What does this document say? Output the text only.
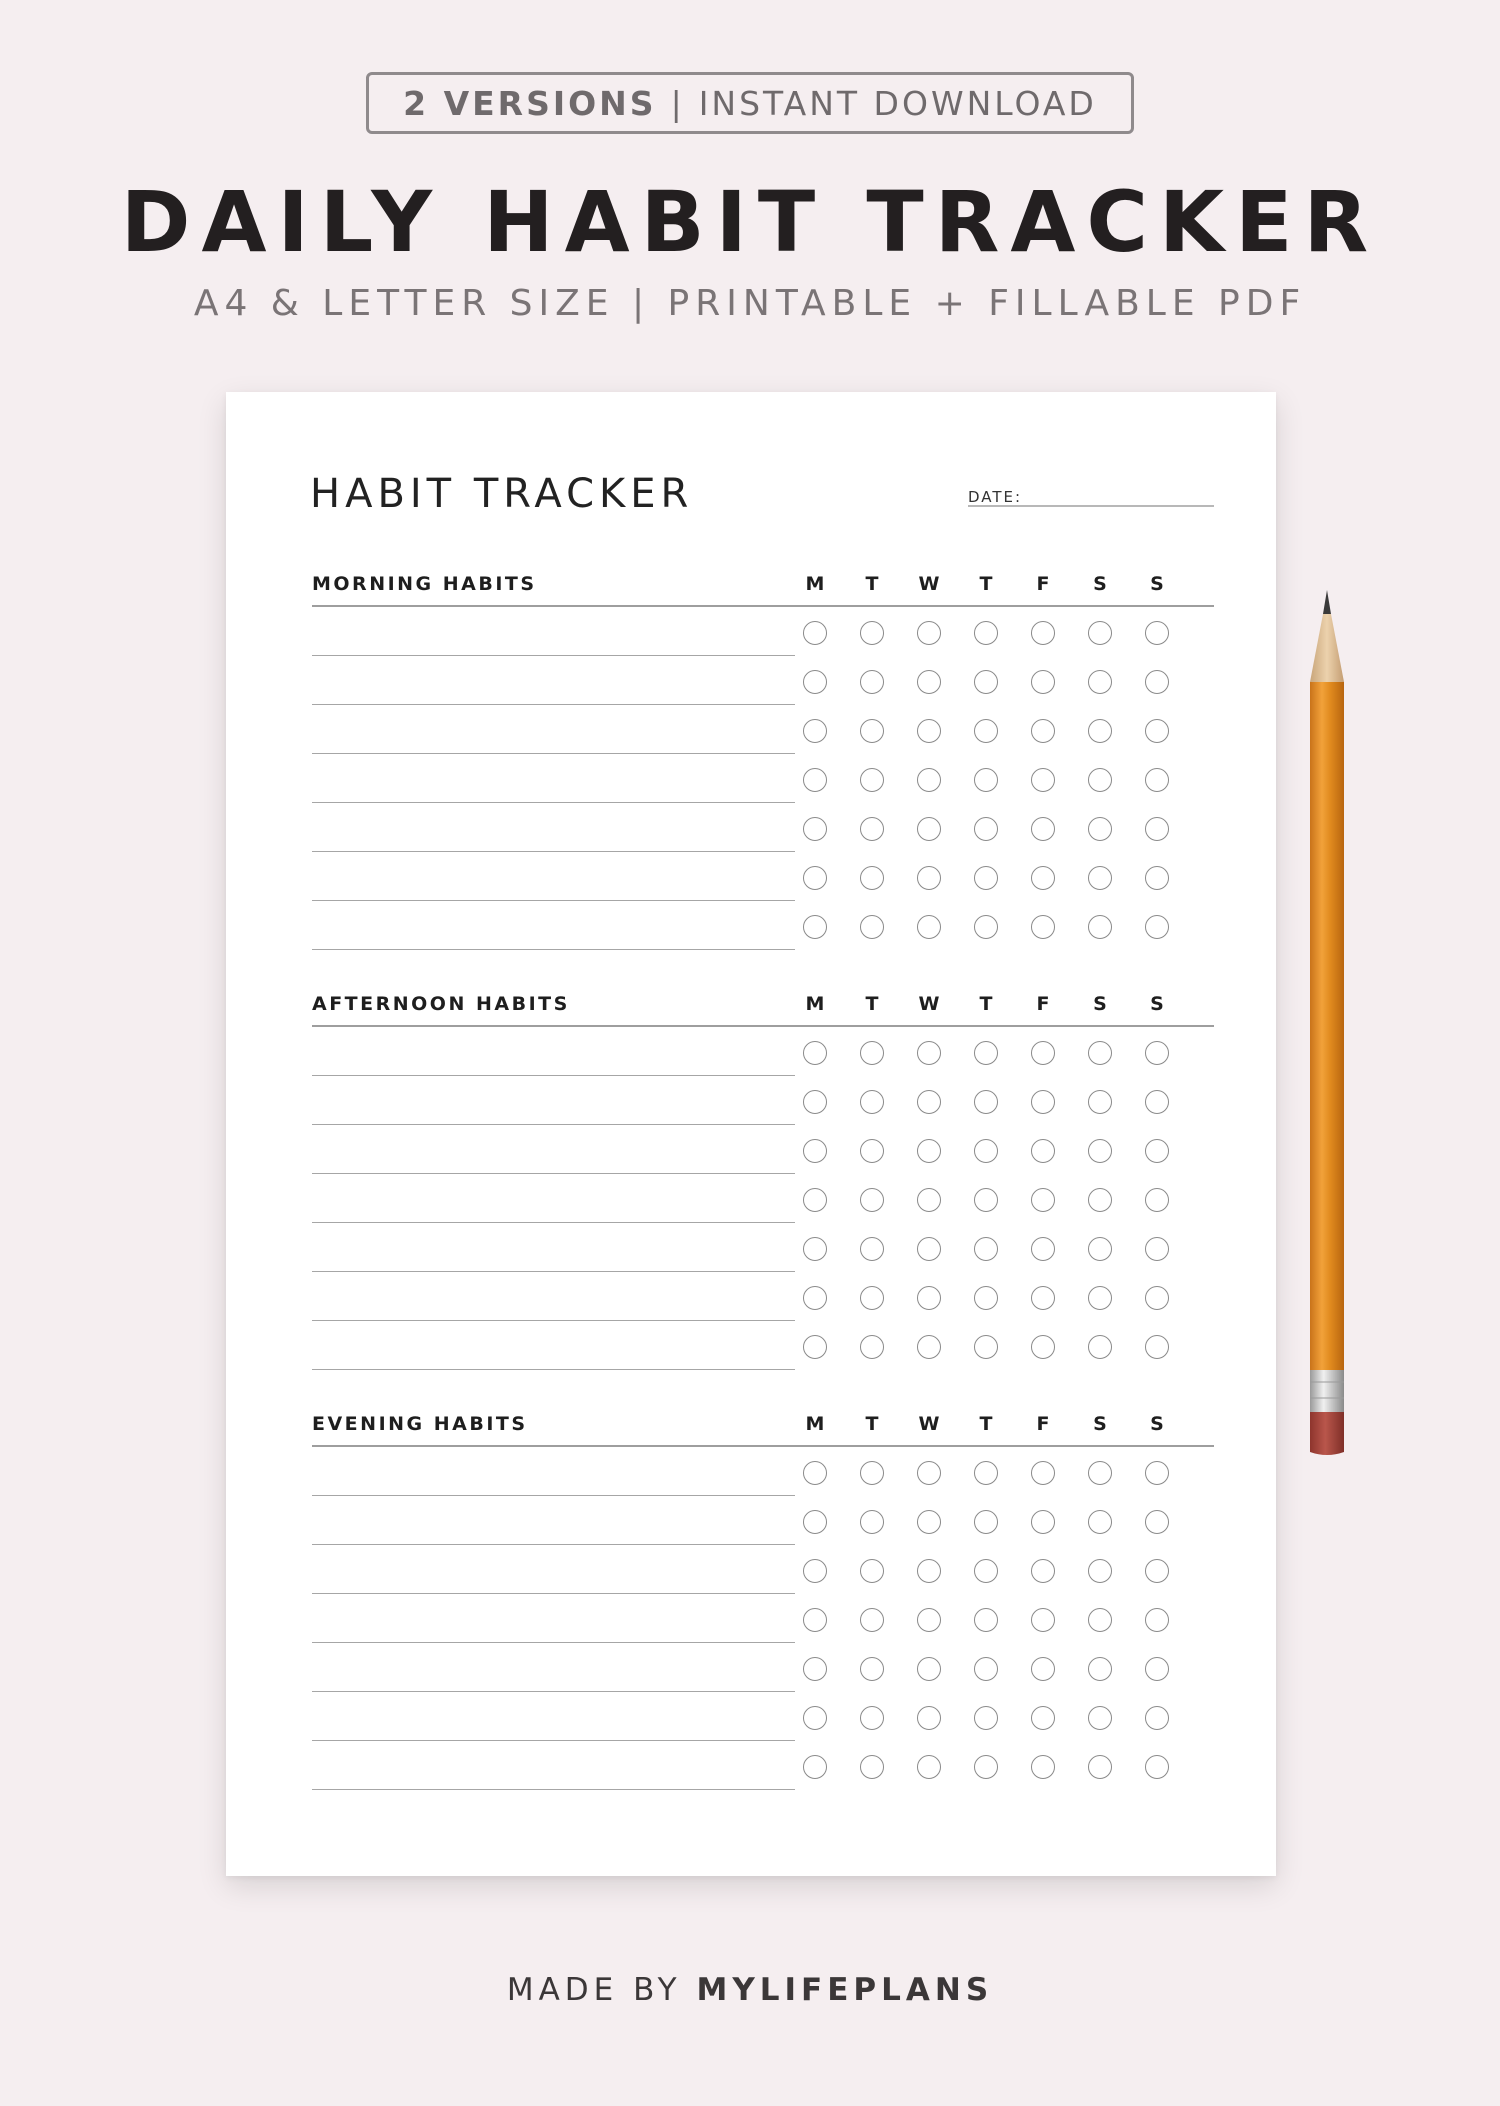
2 VERSIONS | INSTANT DOWNLOAD
DAILY HABIT TRACKER
A4 & LETTER SIZE | PRINTABLE + FILLABLE PDF
HABIT TRACKER	DATE:
MORNING HABITS	M	T	W	T	F	S	S
AFTERNOON HABITS	M	T	W	T	F	S	S
EVENING HABITS	M	T	W	T	F	S	S
MADE BY MYLIFEPLANS
